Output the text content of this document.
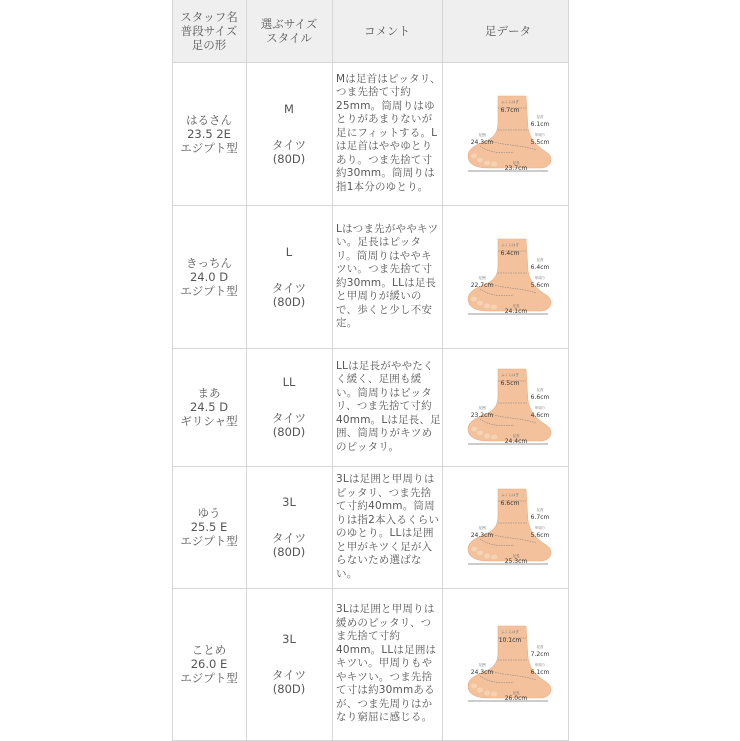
スタッフ名
普段サイズ
足の形
選ぶサイズ
スタイル	コメント	足データ
はるさん
23.5 2E
エジプト型
M
タイツ
(80D)
Mは足首はピッタリ、つま先捨て寸約25mm。筒周りはゆとりがあまりないが足にフィットする。Lは足首はややゆとりあり。つま先捨て寸約30mm。筒周りは指1本分のゆとり。
ふくらはぎ
6.7cm
足首
6.1cm
甲周り
5.5cm
足囲
24.3cm
足長
23.7cm
きっちん
24.0 D
エジプト型
L
タイツ
(80D)
Lはつま先がややキツい。足長はピッタリ。筒周りはややキツい。つま先捨て寸約30mm。LLは足長と甲周りが緩いので、歩くと少し不安定。
ふくらはぎ
6.4cm
足首
6.4cm
甲周り
5.6cm
足囲
22.7cm
足長
24.1cm
まあ
24.5 D
ギリシャ型
LL
タイツ
(80D)
LLは足長がややたくく緩く、足囲も緩い。筒周りはピッタリ、つま先捨て寸約40mm。Lは足長、足囲、筒周りがキツめのピッタリ。
ふくらはぎ
6.5cm
足首
6.6cm
甲周り
4.6cm
足囲
23.2cm
足長
24.4cm
ゆう
25.5 E
エジプト型
3L
タイツ
(80D)
3Lは足囲と甲周りはピッタリ、つま先捨て寸約40mm。筒周りは指2本入るくらいのゆとり。LLは足囲と甲がキツく足が入らないため選ばない。
ふくらはぎ
6.6cm
足首
6.7cm
甲周り
5.6cm
足囲
24.3cm
足長
25.3cm
ことめ
26.0 E
エジプト型
3L
タイツ
(80D)
3Lは足囲と甲周りは緩めのピッタリ、つま先捨て寸約40mm。LLは足囲はキツい。甲周りもややキツい。つま先捨て寸は約30mmあるが、つま先周りはかなり窮屈に感じる。
ふくらはぎ
10.1cm
足首
7.2cm
甲周り
6.1cm
足囲
24.3cm
足長
26.0cm
